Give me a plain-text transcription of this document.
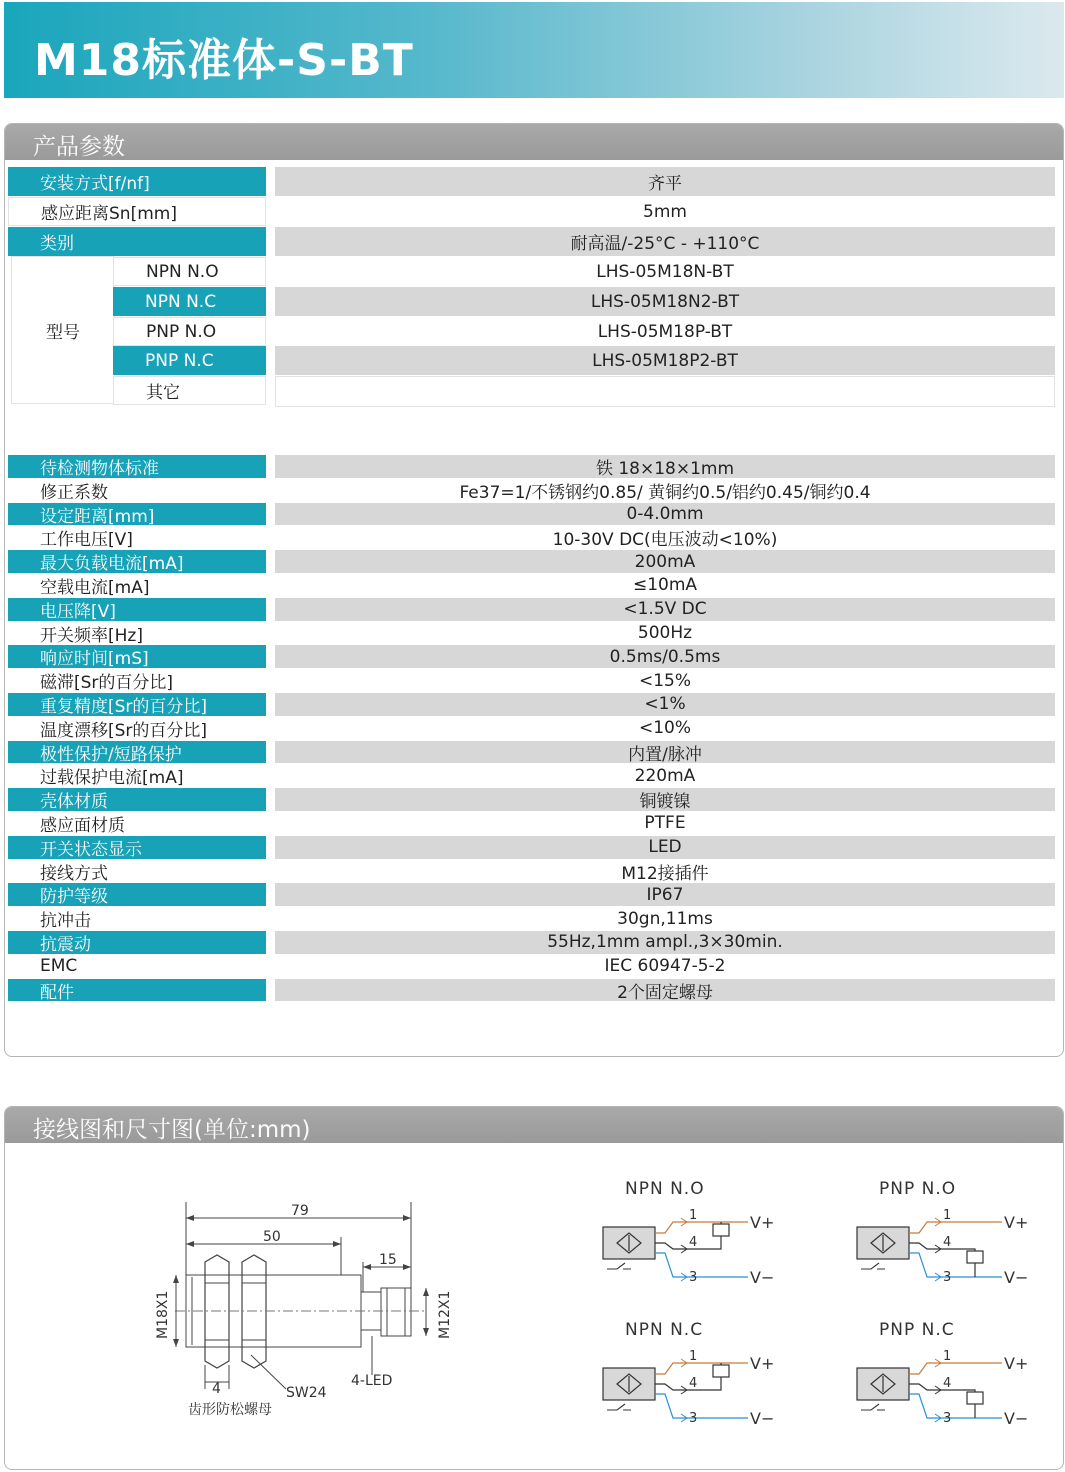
M18标准体-S-BT
产品参数
安装方式[f/nf]	齐平
感应距离Sn[mm]	5mm
类别	耐高温/-25°C - +110°C
型号
NPN N.O	LHS-05M18N-BT
NPN N.C	LHS-05M18N2-BT
PNP N.O	LHS-05M18P-BT
PNP N.C	LHS-05M18P2-BT
其它
待检测物体标准	铁 18×18×1mm
修正系数	Fe37=1/不锈钢约0.85/ 黄铜约0.5/铝约0.45/铜约0.4
设定距离[mm]	0-4.0mm
工作电压[V]	10-30V DC(电压波动<10%)
最大负载电流[mA]	200mA
空载电流[mA]	≤10mA
电压降[V]	<1.5V DC
开关频率[Hz]	500Hz
响应时间[mS]	0.5ms/0.5ms
磁滞[Sr的百分比]	<15%
重复精度[Sr的百分比]	<1%
温度漂移[Sr的百分比]	<10%
极性保护/短路保护	内置/脉冲
过载保护电流[mA]	220mA
壳体材质	铜镀镍
感应面材质	PTFE
开关状态显示	LED
接线方式	M12接插件
防护等级	IP67
抗冲击	30gn,11ms
抗震动	55Hz,1mm ampl.,3×30min.
EMC	IEC 60947-5-2
配件	2个固定螺母
接线图和尺寸图(单位:mm)
79
50
15
4	SW24
4-LED
齿形防松螺母
M18X1	M12X1
NPN N.O
1
4
3
V+
V−
PNP N.O
1
4
3
V+
V−
NPN N.C
1
4
3
V+
V−
PNP N.C
1
4
3
V+
V−
